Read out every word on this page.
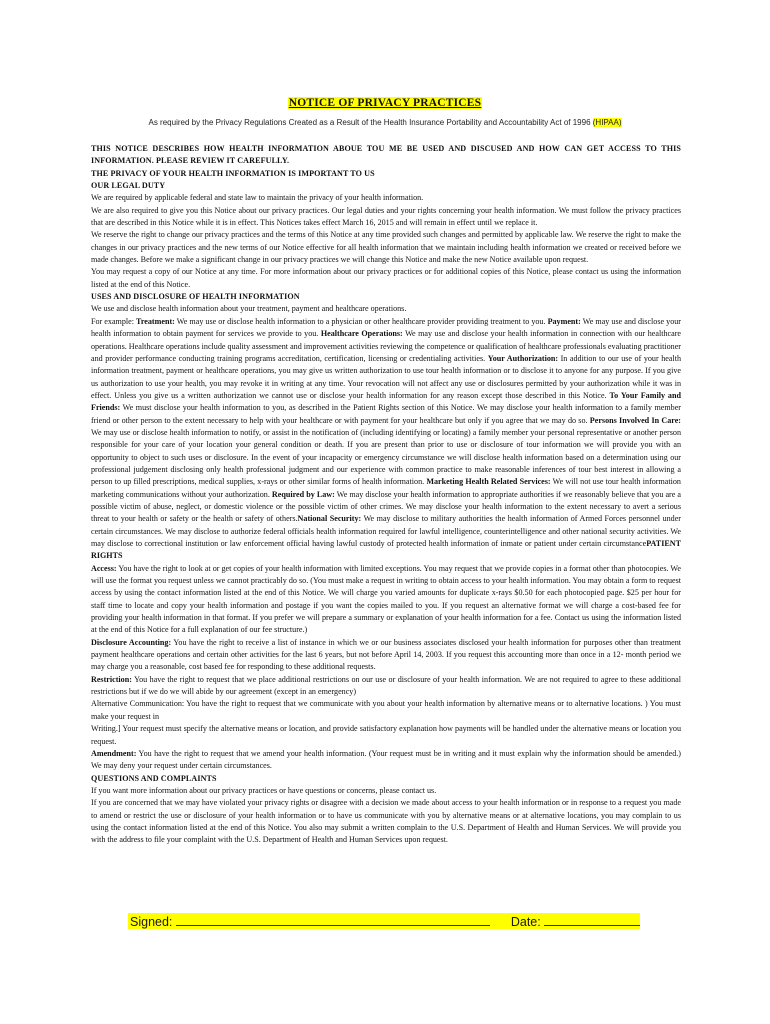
NOTICE OF PRIVACY PRACTICES
As required by the Privacy Regulations Created as a Result of the Health Insurance Portability and Accountability Act of 1996 (HIPAA)

THIS NOTICE DESCRIBES HOW HEALTH INFORMATION ABOUE TOU ME BE USED AND DISCUSED AND HOW CAN GET ACCESS TO THIS INFORMATION. PLEASE REVIEW IT CAREFULLY.

THE PRIVACY OF YOUR HEALTH INFORMATION IS IMPORTANT TO US

OUR LEGAL DUTY

We are required by applicable federal and state law to maintain the privacy of your health information.

We are also required to give you this Notice about our privacy practices. Our legal duties and your rights concerning your health information. We must follow the privacy practices that are described in this Notice while it is in effect. This Notices takes effect March 16, 2015 and will remain in effect until we replace it.

We reserve the right to change our privacy practices and the terms of this Notice at any time provided such changes and permitted by applicable law. We reserve the right to make the changes in our privacy practices and the new terms of our Notice effective for all health information that we maintain including health information we created or received before we made changes. Before we make a significant change in our privacy practices we will change this Notice and make the new Notice available upon request.

You may request a copy of our Notice at any time. For more information about our privacy practices or for additional copies of this Notice, please contact us using the information listed at the end of this Notice.

USES AND DISCLOSURE OF HEALTH INFORMATION

We use and disclose health information about your treatment, payment and healthcare operations.

For example: Treatment: We may use or disclose health information to a physician or other healthcare provider providing treatment to you. Payment: We may use and disclose your health information to obtain payment for services we provide to you. Healthcare Operations: We may use and disclose your health information in connection with our healthcare operations. Healthcare operations include quality assessment and improvement activities reviewing the competence or qualification of healthcare professionals evaluating practitioner and provider performance conducting training programs accreditation, certification, licensing or credentialing activities. Your Authorization: In addition to our use of your health information treatment, payment or healthcare operations, you may give us written authorization to use tour health information or to disclose it to anyone for any purpose. If you give us authorization to use your health, you may revoke it in writing at any time. Your revocation will not affect any use or disclosures permitted by your authorization while it was in effect. Unless you give us a written authorization we cannot use or disclose your health information for any reason except those described in this Notice. To Your Family and Friends: We must disclose your health information to you, as described in the Patient Rights section of this Notice. We may disclose your health information to a family member friend or other person to the extent necessary to help with your healthcare or with payment for your healthcare but only if you agree that we may do so. Persons Involved In Care: We may use or disclose health information to notify, or assist in the notification of (including identifying or locating) a family member your personal representative or another person responsible for your care of your location your general condition or death. If you are present than prior to use or disclosure of tour information we will provide you with an opportunity to object to such uses or disclosure. In the event of your incapacity or emergency circumstance we will disclose health information based on a determination using our professional judgement disclosing only health professional judgment and our experience with common practice to make reasonable inferences of tour best interest in allowing a person to up filled prescriptions, medical supplies, x-rays or other similar forms of health information. Marketing Health Related Services: We will not use tour health information marketing communications without your authorization. Required by Law: We may disclose your health information to appropriate authorities if we reasonably believe that you are a possible victim of abuse, neglect, or domestic violence or the possible victim of other crimes. We may disclose your health information to the extent necessary to avert a serious threat to your health or safety or the health or safety of others.National Security: We may disclose to military authorities the health information of Armed Forces personnel under certain circumstances. We may disclose to authorize federal officials health information required for lawful intelligence, counterintelligence and other national security activities. We may disclose to correctional institution or law enforcement official having lawful custody of protected health information of inmate or patient under certain circumstancePATIENT RIGHTS

Access: You have the right to look at or get copies of your health information with limited exceptions. You may request that we provide copies in a format other than photocopies. We will use the format you request unless we cannot practicably do so. (You must make a request in writing to obtain access to your health information. You may obtain a form to request access by using the contact information listed at the end of this Notice. We will charge you varied amounts for duplicate x-rays $0.50 for each photocopied page. $25 per hour for staff time to locate and copy your health information and postage if you want the copies mailed to you. If you request an alternative format we will charge a cost-based fee for providing your health information in that format. If you prefer we will prepare a summary or explanation of your health information for a fee. Contact us using the information listed at the end of this Notice for a full explanation of our fee structure.)

Disclosure Accounting: You have the right to receive a list of instance in which we or our business associates disclosed your health information for purposes other than treatment payment healthcare operations and certain other activities for the last 6 years, but not before April 14, 2003. If you request this accounting more than once in a 12- month period we may charge you a reasonable, cost based fee for responding to these additional requests.

Restriction: You have the right to request that we place additional restrictions on our use or disclosure of your health information. We are not required to agree to these additional restrictions but if we do we will abide by our agreement (except in an emergency)

Alternative Communication: You have the right to request that we communicate with you about your health information by alternative means or to alternative locations. ) You must make your request in

Writing.] Your request must specify the alternative means or location, and provide satisfactory explanation how payments will be handled under the alternative means or location you request.

Amendment: You have the right to request that we amend your health information. (Your request must be in writing and it must explain why the information should be amended.) We may deny your request under certain circumstances.

QUESTIONS AND COMPLAINTS

If you want more information about our privacy practices or have questions or concerns, please contact us.

If you are concerned that we may have violated your privacy rights or disagree with a decision we made about access to your health information or in response to a request you made to amend or restrict the use or disclosure of your health information or to have us communicate with you by alternative means or at alternative locations, you may complain to us using the contact information listed at the end of this Notice. You also may submit a written complain to the U.S. Department of Health and Human Services. We will provide you with the address to file your complaint with the U.S. Department of Health and Human Services upon request.

Signed:	Date:
